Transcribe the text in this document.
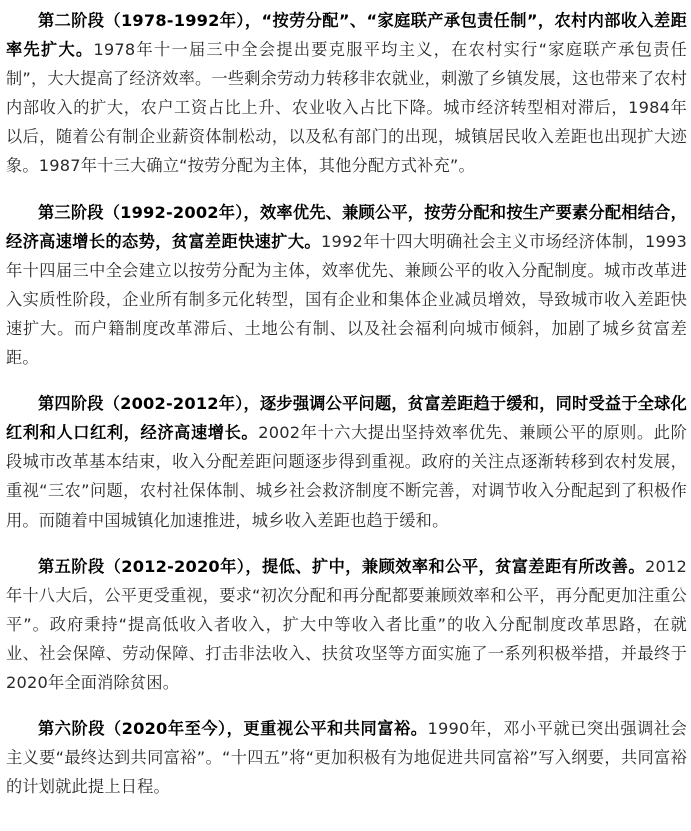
第二阶段（1978-1992年），“按劳分配”、“家庭联产承包责任制”，农村内部收入差距率先扩大。1978年十一届三中全会提出要克服平均主义，在农村实行“家庭联产承包责任制”，大大提高了经济效率。一些剩余劳动力转移非农就业，刺激了乡镇发展，这也带来了农村内部收入的扩大，农户工资占比上升、农业收入占比下降。城市经济转型相对滞后，1984年以后，随着公有制企业薪资体制松动，以及私有部门的出现，城镇居民收入差距也出现扩大迹象。1987年十三大确立“按劳分配为主体，其他分配方式补充”。

第三阶段（1992-2002年），效率优先、兼顾公平，按劳分配和按生产要素分配相结合，经济高速增长的态势，贫富差距快速扩大。1992年十四大明确社会主义市场经济体制，1993年十四届三中全会建立以按劳分配为主体，效率优先、兼顾公平的收入分配制度。城市改革进入实质性阶段，企业所有制多元化转型，国有企业和集体企业减员增效，导致城市收入差距快速扩大。而户籍制度改革滞后、土地公有制、以及社会福利向城市倾斜，加剧了城乡贫富差距。

第四阶段（2002-2012年），逐步强调公平问题，贫富差距趋于缓和，同时受益于全球化红利和人口红利，经济高速增长。2002年十六大提出坚持效率优先、兼顾公平的原则。此阶段城市改革基本结束，收入分配差距问题逐步得到重视。政府的关注点逐渐转移到农村发展，重视“三农”问题，农村社保体制、城乡社会救济制度不断完善，对调节收入分配起到了积极作用。而随着中国城镇化加速推进，城乡收入差距也趋于缓和。

第五阶段（2012-2020年），提低、扩中，兼顾效率和公平，贫富差距有所改善。2012年十八大后，公平更受重视，要求“初次分配和再分配都要兼顾效率和公平，再分配更加注重公平”。政府秉持“提高低收入者收入，扩大中等收入者比重”的收入分配制度改革思路，在就业、社会保障、劳动保障、打击非法收入、扶贫攻坚等方面实施了一系列积极举措，并最终于2020年全面消除贫困。

第六阶段（2020年至今），更重视公平和共同富裕。1990年，邓小平就已突出强调社会主义要“最终达到共同富裕”。“十四五”将“更加积极有为地促进共同富裕”写入纲要，共同富裕的计划就此提上日程。
